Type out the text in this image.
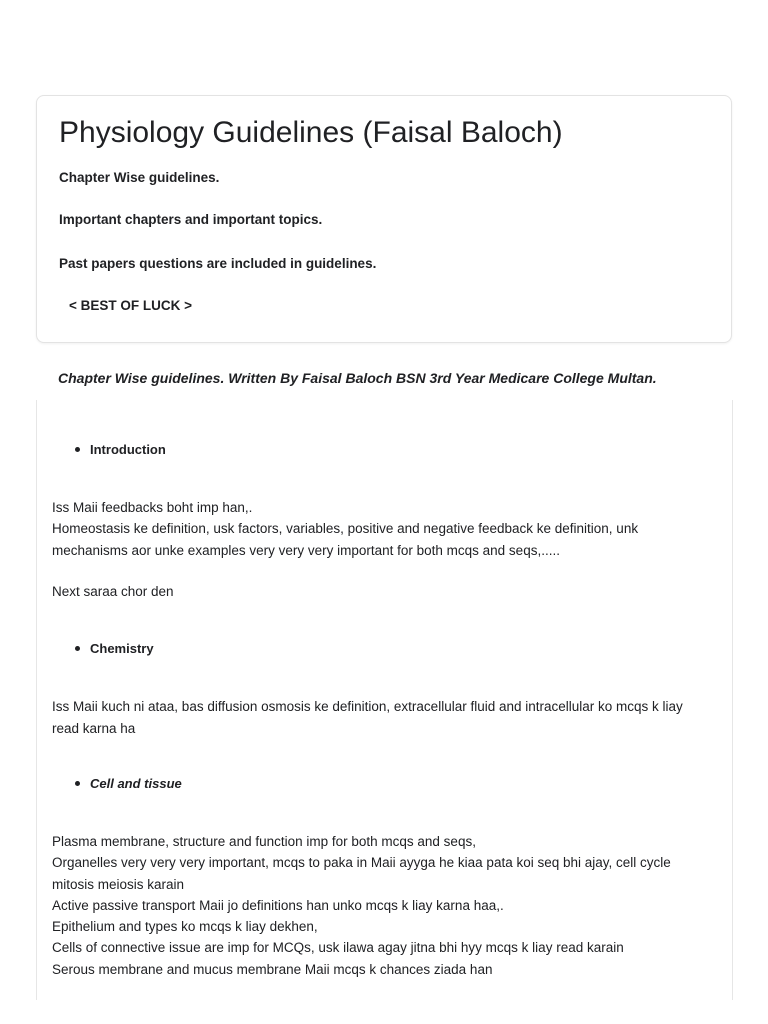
Physiology Guidelines (Faisal Baloch)

Chapter Wise guidelines.

Important chapters and important topics.

Past papers questions are included in guidelines.

< BEST OF LUCK >

Chapter Wise guidelines. Written By Faisal Baloch BSN 3rd Year Medicare College Multan.

Introduction

Iss Maii feedbacks boht imp han,.

Homeostasis ke definition, usk factors, variables, positive and negative feedback ke definition, unk

mechanisms aor unke examples very very very important for both mcqs and seqs,.....

Next saraa chor den

Chemistry

Iss Maii kuch ni ataa, bas diffusion osmosis ke definition, extracellular fluid and intracellular ko mcqs k liay

read karna ha

Cell and tissue

Plasma membrane, structure and function imp for both mcqs and seqs,

Organelles very very very important, mcqs to paka in Maii ayyga he kiaa pata koi seq bhi ajay, cell cycle

mitosis meiosis karain

Active passive transport Maii jo definitions han unko mcqs k liay karna haa,.

Epithelium and types ko mcqs k liay dekhen,

Cells of connective issue are imp for MCQs, usk ilawa agay jitna bhi hyy mcqs k liay read karain

Serous membrane and mucus membrane Maii mcqs k chances ziada han
